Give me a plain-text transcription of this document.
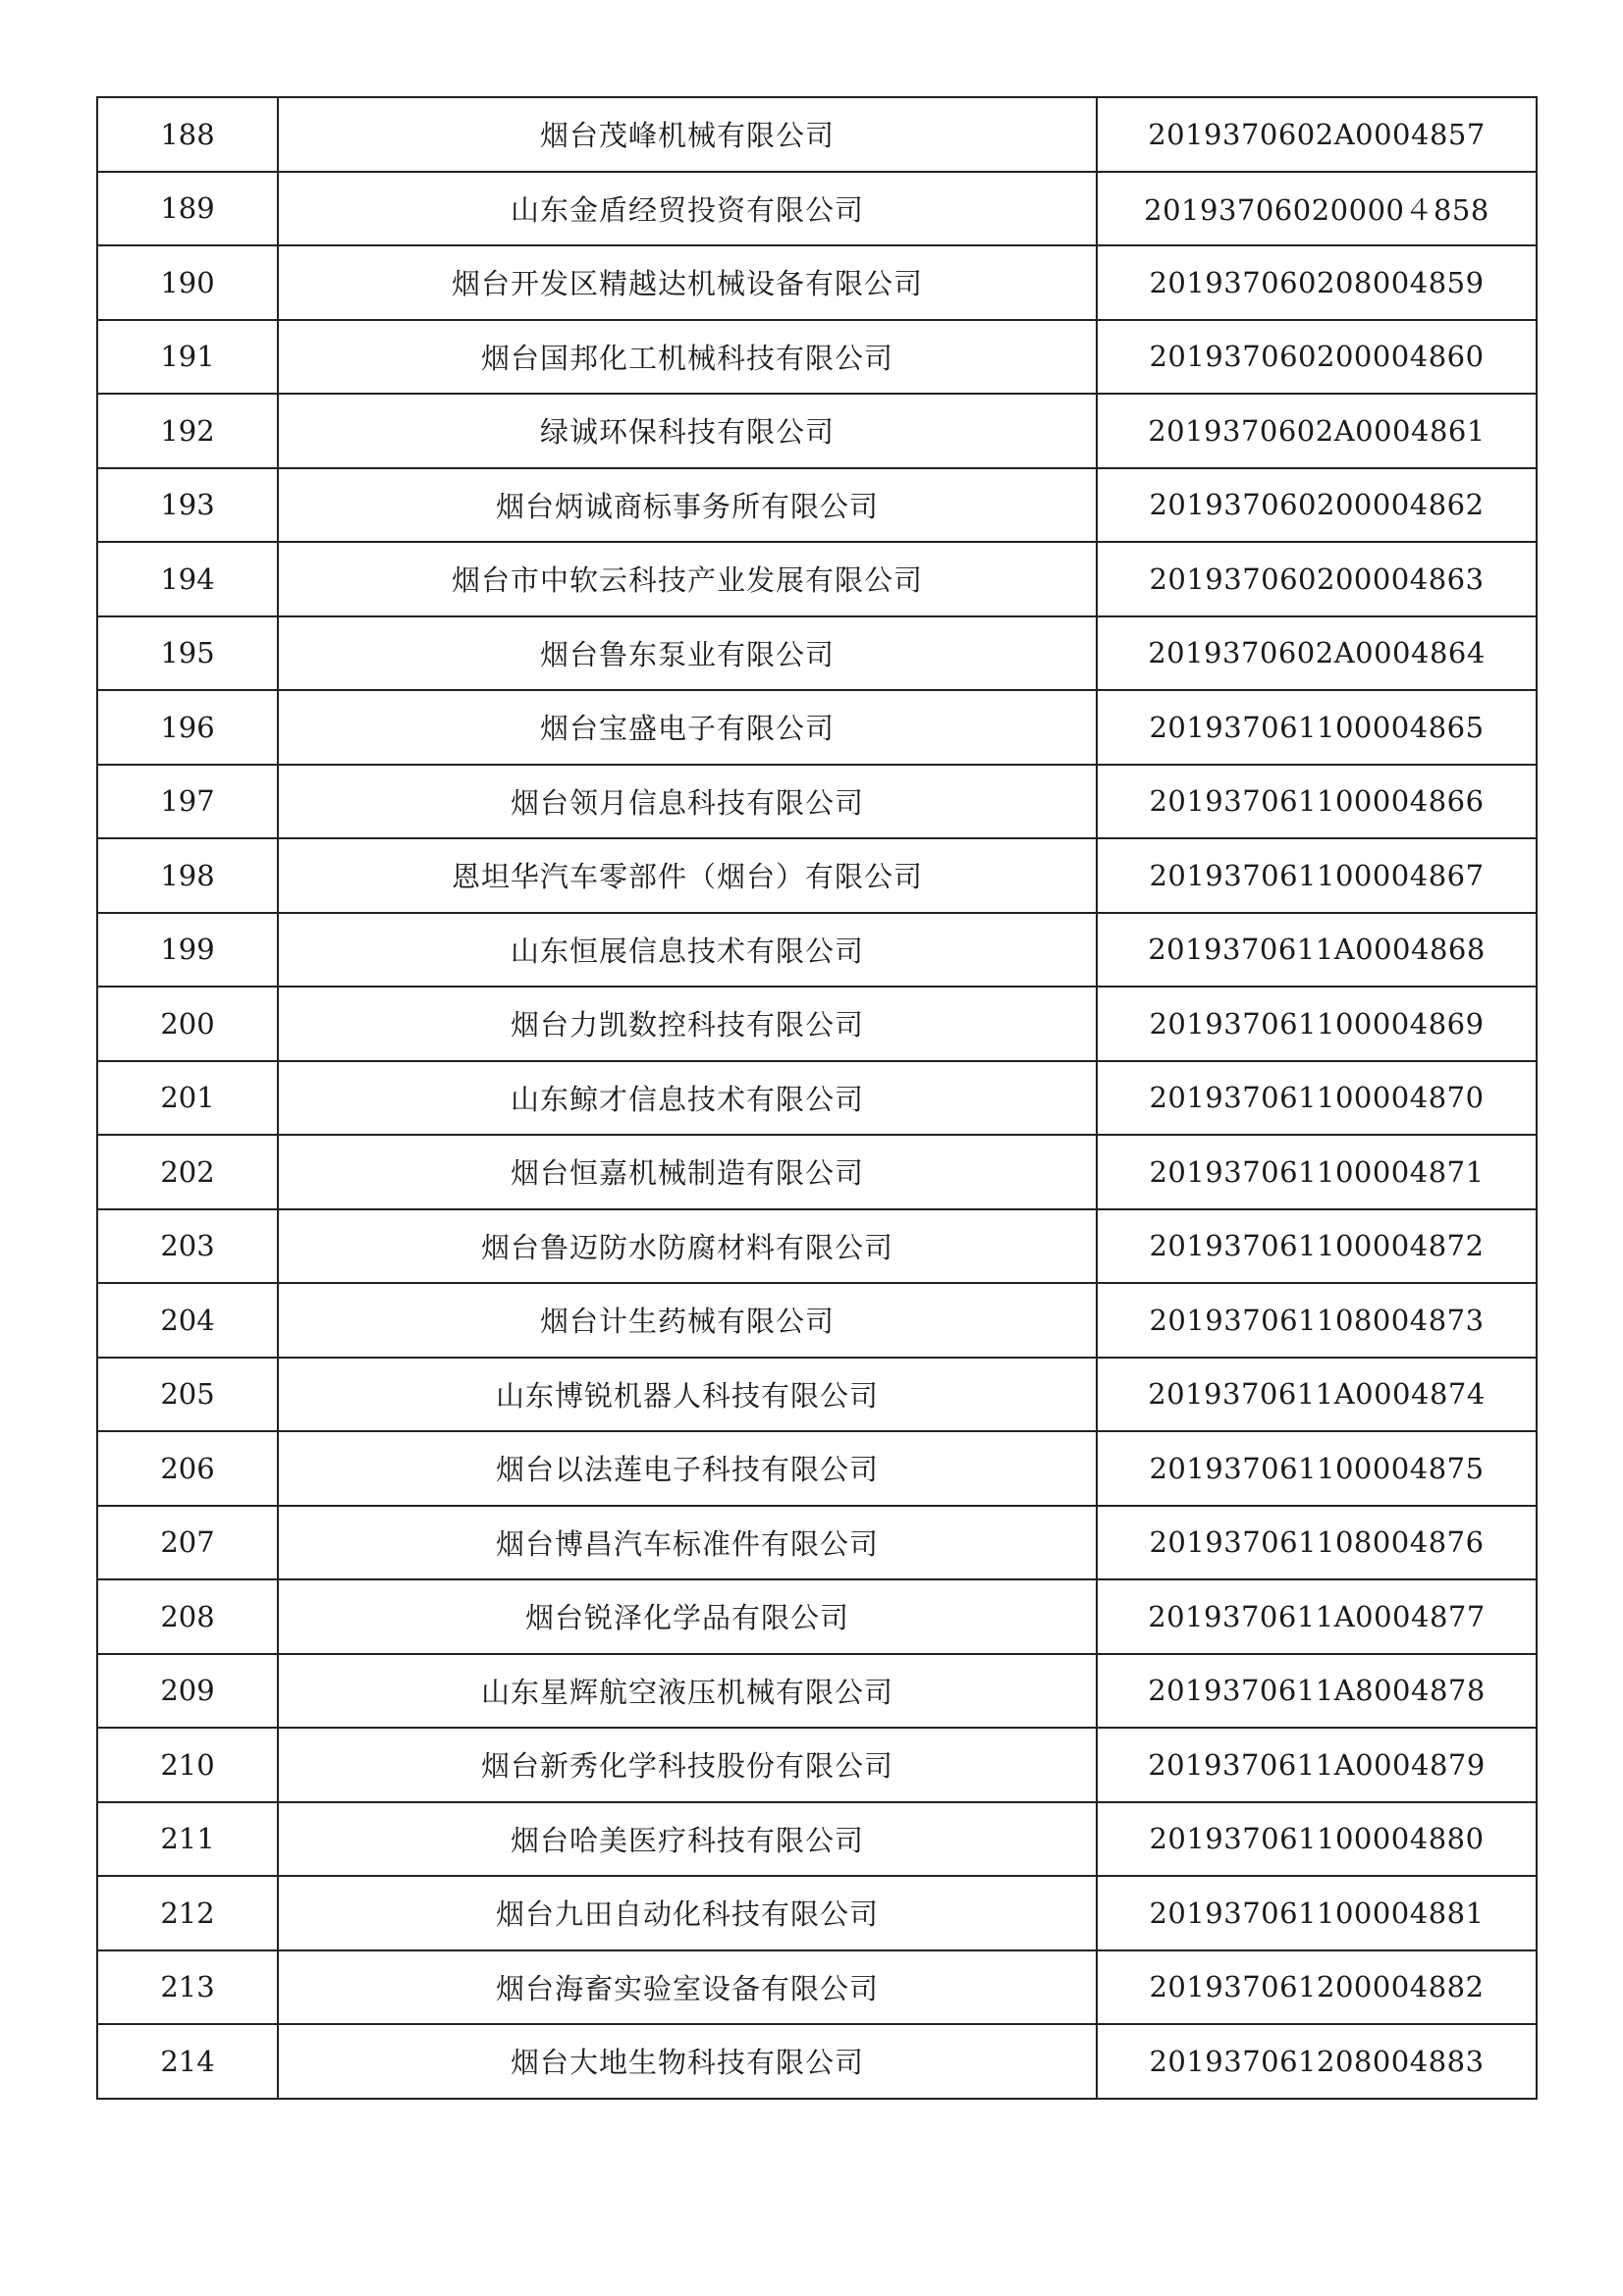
188	烟台茂峰机械有限公司	2019370602A0004857
189	山东金盾经贸投资有限公司	20193706020000４858
190	烟台开发区精越达机械设备有限公司	201937060208004859
191	烟台国邦化工机械科技有限公司	201937060200004860
192	绿诚环保科技有限公司	2019370602A0004861
193	烟台炳诚商标事务所有限公司	201937060200004862
194	烟台市中软云科技产业发展有限公司	201937060200004863
195	烟台鲁东泵业有限公司	2019370602A0004864
196	烟台宝盛电子有限公司	201937061100004865
197	烟台领月信息科技有限公司	201937061100004866
198	恩坦华汽车零部件（烟台）有限公司	201937061100004867
199	山东恒展信息技术有限公司	2019370611A0004868
200	烟台力凯数控科技有限公司	201937061100004869
201	山东鲸才信息技术有限公司	201937061100004870
202	烟台恒嘉机械制造有限公司	201937061100004871
203	烟台鲁迈防水防腐材料有限公司	201937061100004872
204	烟台计生药械有限公司	201937061108004873
205	山东博锐机器人科技有限公司	2019370611A0004874
206	烟台以法莲电子科技有限公司	201937061100004875
207	烟台博昌汽车标准件有限公司	201937061108004876
208	烟台锐泽化学品有限公司	2019370611A0004877
209	山东星辉航空液压机械有限公司	2019370611A8004878
210	烟台新秀化学科技股份有限公司	2019370611A0004879
211	烟台哈美医疗科技有限公司	201937061100004880
212	烟台九田自动化科技有限公司	201937061100004881
213	烟台海畜实验室设备有限公司	201937061200004882
214	烟台大地生物科技有限公司	201937061208004883
